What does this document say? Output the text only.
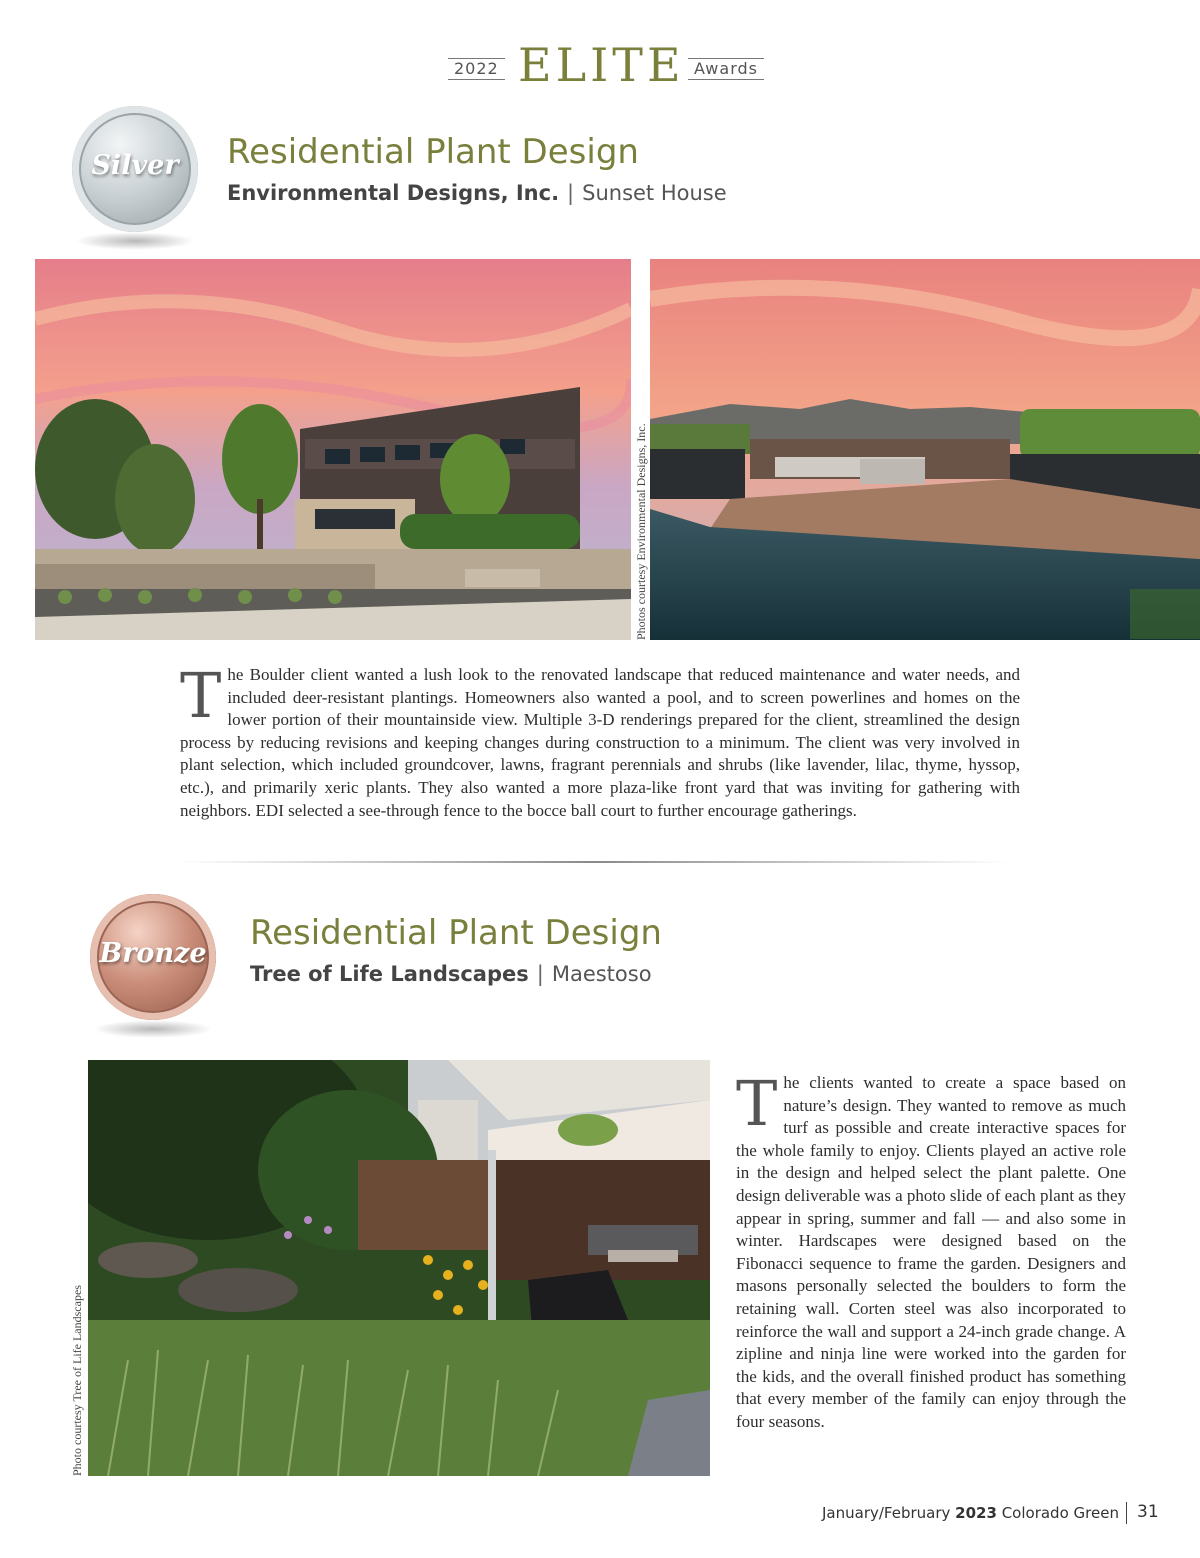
2022 ELITE Awards
Silver	Residential Plant Design
Environmental Designs, Inc. | Sunset House
Photos courtesy Environmental Designs, Inc.
The Boulder client wanted a lush look to the renovated landscape that reduced maintenance and water needs, and included deer-resistant plantings. Homeowners also wanted a pool, and to screen powerlines and homes on the lower portion of their mountainside view. Multiple 3-D renderings prepared for the client, streamlined the design process by reducing revisions and keeping changes during construction to a minimum. The client was very involved in plant selection, which included groundcover, lawns, fragrant perennials and shrubs (like lavender, lilac, thyme, hyssop, etc.), and primarily xeric plants. They also wanted a more plaza-like front yard that was inviting for gathering with neighbors. EDI selected a see-through fence to the bocce ball court to further encourage gatherings.
Bronze
Residential Plant Design
Tree of Life Landscapes | Maestoso
Photo courtesy Tree of Life Landscapes
The clients wanted to create a space based on nature’s design. They wanted to remove as much turf as possible and create interactive spaces for the whole family to enjoy. Clients played an active role in the design and helped select the plant palette. One design deliverable was a photo slide of each plant as they appear in spring, summer and fall — and also some in winter. Hardscapes were designed based on the Fibonacci sequence to frame the garden. Designers and masons personally selected the boulders to form the retaining wall. Corten steel was also incorporated to reinforce the wall and support a 24-inch grade change. A zipline and ninja line were worked into the garden for the kids, and the overall finished product has something that every member of the family can enjoy through the four seasons.
January/February 2023 Colorado Green 31
